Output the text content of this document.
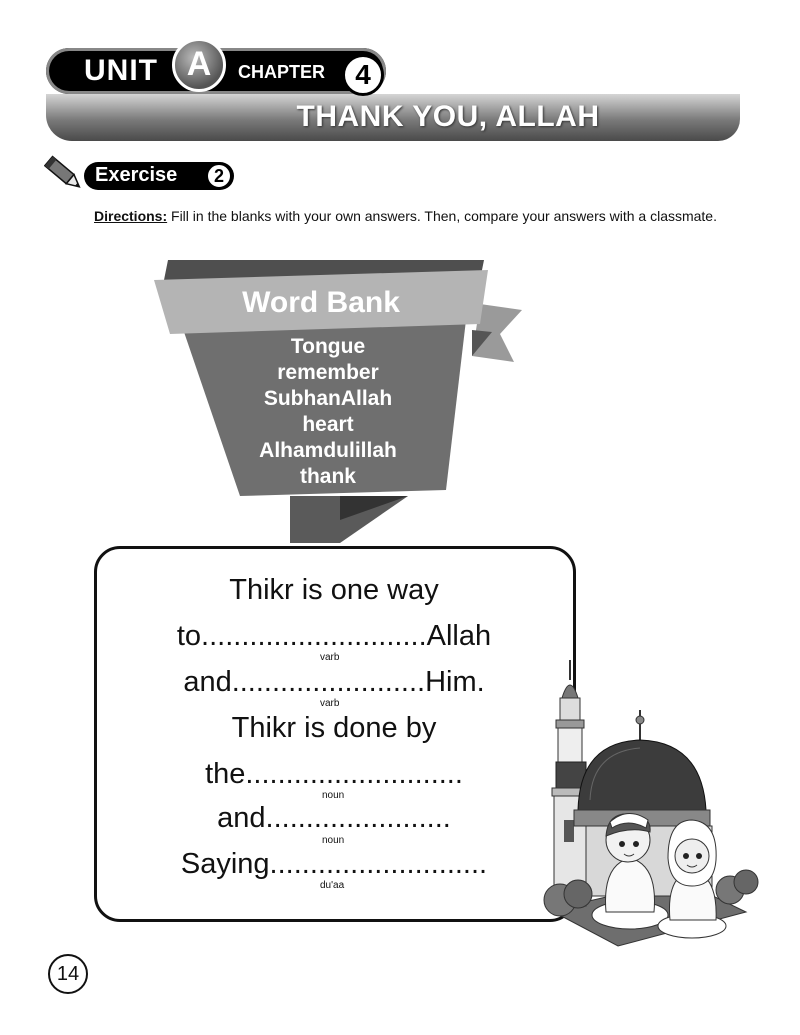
THANK YOU, ALLAH
UNIT A	CHAPTER	4
Exercise	2
Directions: Fill in the blanks with your own answers. Then, compare your answers with a classmate.
Word Bank
Tongue
remember
SubhanAllah
heart
Alhamdulillah
thank
Thikr is one way
to............................Allah
varb
and........................Him.
varb
Thikr is done by
the...........................
noun
and.......................
noun
Saying...........................
du'aa
14
